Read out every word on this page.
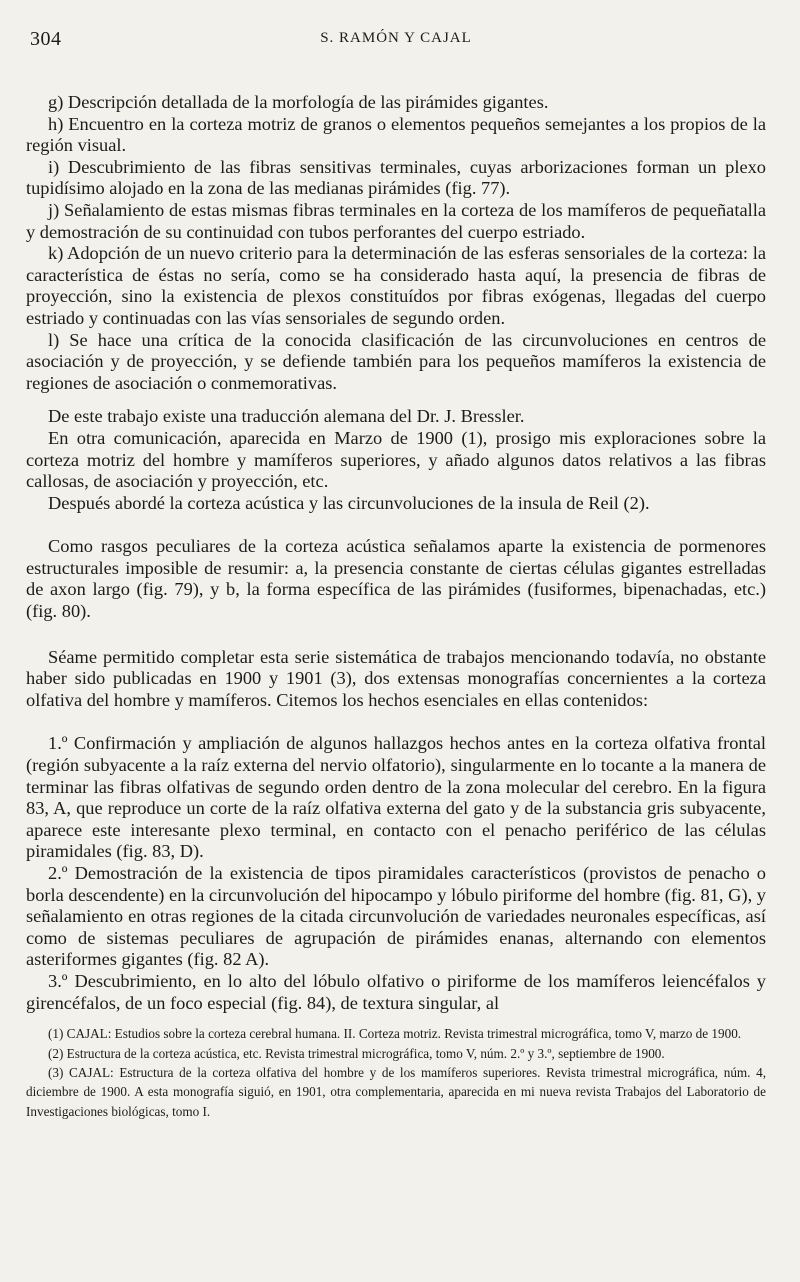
304	S. RAMÓN Y CAJAL

g) Descripción detallada de la morfología de las pirámides gigantes.

h) Encuentro en la corteza motriz de granos o elementos pequeños semejantes a los propios de la región visual.

i) Descubrimiento de las fibras sensitivas terminales, cuyas arborizaciones forman un plexo tupidísimo alojado en la zona de las medianas pirámides (fig. 77).

j) Señalamiento de estas mismas fibras terminales en la corteza de los mamíferos de pequeñatalla y demostración de su continuidad con tubos perforantes del cuerpo estriado.

k) Adopción de un nuevo criterio para la determinación de las esferas sensoriales de la corteza: la característica de éstas no sería, como se ha considerado hasta aquí, la presencia de fibras de proyección, sino la existencia de plexos constituídos por fibras exógenas, llegadas del cuerpo estriado y continuadas con las vías sensoriales de segundo orden.

l) Se hace una crítica de la conocida clasificación de las circunvoluciones en centros de asociación y de proyección, y se defiende también para los pequeños mamíferos la existencia de regiones de asociación o conmemorativas.

De este trabajo existe una traducción alemana del Dr. J. Bressler.

En otra comunicación, aparecida en Marzo de 1900 (1), prosigo mis exploraciones sobre la corteza motriz del hombre y mamíferos superiores, y añado algunos datos relativos a las fibras callosas, de asociación y proyección, etc.

Después abordé la corteza acústica y las circunvoluciones de la insula de Reil (2).

Como rasgos peculiares de la corteza acústica señalamos aparte la existencia de pormenores estructurales imposible de resumir: a, la presencia constante de ciertas células gigantes estrelladas de axon largo (fig. 79), y b, la forma específica de las pirámides (fusiformes, bipenachadas, etc.) (fig. 80).

Séame permitido completar esta serie sistemática de trabajos mencionando todavía, no obstante haber sido publicadas en 1900 y 1901 (3), dos extensas monografías concernientes a la corteza olfativa del hombre y mamíferos. Citemos los hechos esenciales en ellas contenidos:

1.º Confirmación y ampliación de algunos hallazgos hechos antes en la corteza olfativa frontal (región subyacente a la raíz externa del nervio olfatorio), singularmente en lo tocante a la manera de terminar las fibras olfativas de segundo orden dentro de la zona molecular del cerebro. En la figura 83, A, que reproduce un corte de la raíz olfativa externa del gato y de la substancia gris subyacente, aparece este interesante plexo terminal, en contacto con el penacho periférico de las células piramidales (fig. 83, D).

2.º Demostración de la existencia de tipos piramidales característicos (provistos de penacho o borla descendente) en la circunvolución del hipocampo y lóbulo piriforme del hombre (fig. 81, G), y señalamiento en otras regiones de la citada circunvolución de variedades neuronales específicas, así como de sistemas peculiares de agrupación de pirámides enanas, alternando con elementos asteriformes gigantes (fig. 82 A).

3.º Descubrimiento, en lo alto del lóbulo olfativo o piriforme de los mamíferos leiencéfalos y girencéfalos, de un foco especial (fig. 84), de textura singular, al

(1) CAJAL: Estudios sobre la corteza cerebral humana. II. Corteza motriz. Revista trimestral micrográfica, tomo V, marzo de 1900.

(2) Estructura de la corteza acústica, etc. Revista trimestral micrográfica, tomo V, núm. 2.º y 3.º, septiembre de 1900.

(3) CAJAL: Estructura de la corteza olfativa del hombre y de los mamíferos superiores. Revista trimestral micrográfica, núm. 4, diciembre de 1900. A esta monografía siguió, en 1901, otra complementaria, aparecida en mi nueva revista Trabajos del Laboratorio de Investigaciones biológicas, tomo I.
